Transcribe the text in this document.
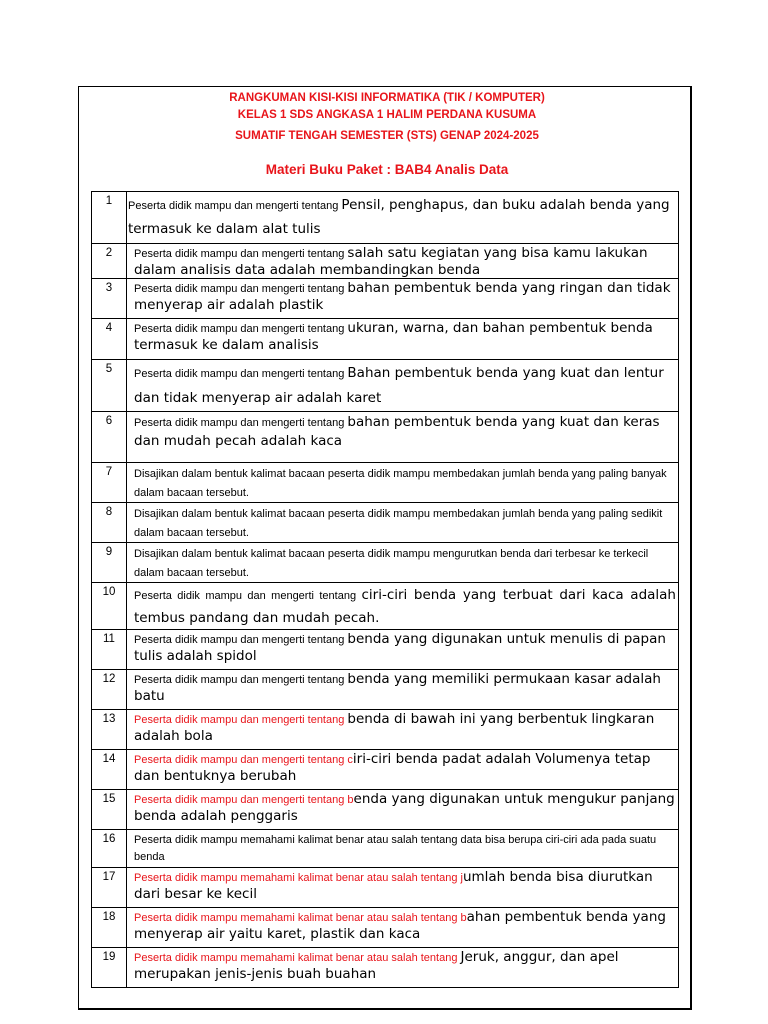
RANGKUMAN KISI-KISI INFORMATIKA (TIK / KOMPUTER)
KELAS 1 SDS ANGKASA 1 HALIM PERDANA KUSUMA
SUMATIF TENGAH SEMESTER (STS) GENAP 2024-2025
Materi Buku Paket : BAB4 Analis Data
1	Peserta didik mampu dan mengerti tentang Pensil, penghapus, dan buku adalah benda yang termasuk ke dalam alat tulis
2	Peserta didik mampu dan mengerti tentang salah satu kegiatan yang bisa kamu lakukan dalam analisis data adalah membandingkan benda
3	Peserta didik mampu dan mengerti tentang bahan pembentuk benda yang ringan dan tidak menyerap air adalah plastik
4	Peserta didik mampu dan mengerti tentang ukuran, warna, dan bahan pembentuk benda termasuk ke dalam analisis
5	Peserta didik mampu dan mengerti tentang Bahan pembentuk benda yang kuat dan lentur dan tidak menyerap air adalah karet
6	Peserta didik mampu dan mengerti tentang bahan pembentuk benda yang kuat dan keras dan mudah pecah adalah kaca
7	Disajikan dalam bentuk kalimat bacaan peserta didik mampu membedakan jumlah benda yang paling banyak dalam bacaan tersebut.
8	Disajikan dalam bentuk kalimat bacaan peserta didik mampu membedakan jumlah benda yang paling sedikit dalam bacaan tersebut.
9	Disajikan dalam bentuk kalimat bacaan peserta didik mampu mengurutkan benda dari terbesar ke terkecil dalam bacaan tersebut.
10	Peserta didik mampu dan mengerti tentang ciri-ciri benda yang terbuat dari kaca adalah tembus pandang dan mudah pecah.
11	Peserta didik mampu dan mengerti tentang benda yang digunakan untuk menulis di papan tulis adalah spidol
12	Peserta didik mampu dan mengerti tentang benda yang memiliki permukaan kasar adalah batu
13	Peserta didik mampu dan mengerti tentang benda di bawah ini yang berbentuk lingkaran adalah bola
14	Peserta didik mampu dan mengerti tentang ciri-ciri benda padat adalah Volumenya tetap dan bentuknya berubah
15	Peserta didik mampu dan mengerti tentang benda yang digunakan untuk mengukur panjang benda adalah penggaris
16	Peserta didik mampu memahami kalimat benar atau salah tentang data bisa berupa ciri-ciri ada pada suatu benda
17	Peserta didik mampu memahami kalimat benar atau salah tentang jumlah benda bisa diurutkan dari besar ke kecil
18	Peserta didik mampu memahami kalimat benar atau salah tentang bahan pembentuk benda yang menyerap air yaitu karet, plastik dan kaca
19	Peserta didik mampu memahami kalimat benar atau salah tentang Jeruk, anggur, dan apel merupakan jenis-jenis buah buahan
